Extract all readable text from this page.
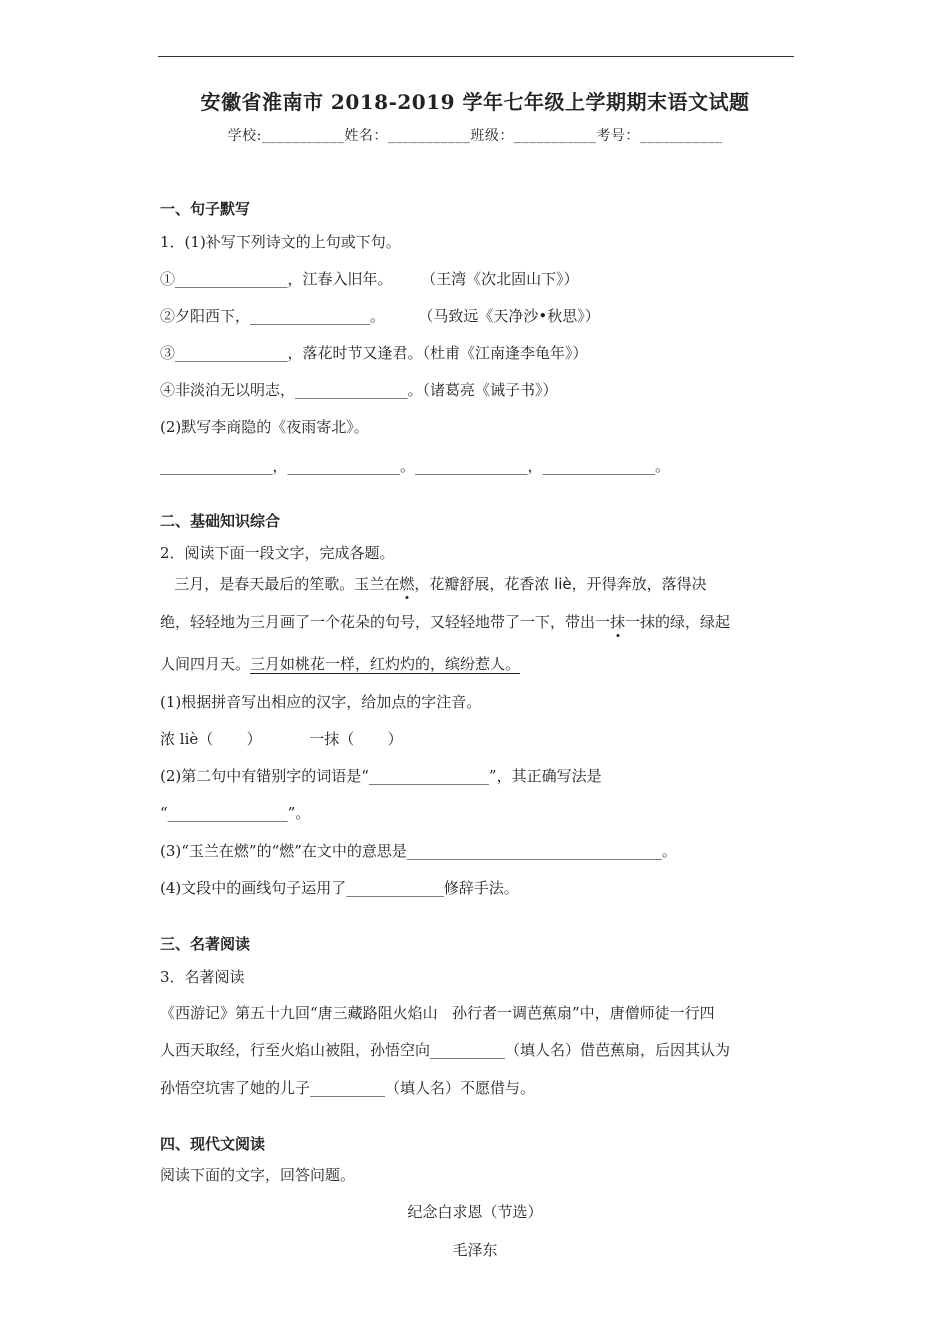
安徽省淮南市 2018-2019 学年七年级上学期期末语文试题
学校:___________姓名：___________班级：___________考号：___________
一、句子默写
1．(1)补写下列诗文的上句或下句。
①_______________，江春入旧年。      （王湾《次北固山下》）
②夕阳西下，________________。       （马致远《天净沙•秋思》）
③_______________，落花时节又逢君。（杜甫《江南逢李龟年》）
④非淡泊无以明志，_______________。（诸葛亮《诫子书》）
(2)默写李商隐的《夜雨寄北》。
_______________，_______________。_______________，_______________。
二、基础知识综合
2．阅读下面一段文字，完成各题。
三月，是春天最后的笙歌。玉兰在燃，花瓣舒展，花香浓 liè，开得奔放，落得决
绝，轻轻地为三月画了一个花朵的句号，又轻轻地带了一下，带出一抹一抹的绿，绿起
人间四月天。三月如桃花一样，红灼灼的，缤纷惹人。
(1)根据拼音写出相应的汉字，给加点的字注音。
浓 liè（       ）          一抹（       ）
(2)第二句中有错别字的词语是“________________”，其正确写法是
“________________”。
(3)“玉兰在燃”的“燃”在文中的意思是__________________________________。
(4)文段中的画线句子运用了_____________修辞手法。
三、名著阅读
3．名著阅读
《西游记》第五十九回“唐三藏路阻火焰山   孙行者一调芭蕉扇”中，唐僧师徒一行四
人西天取经，行至火焰山被阻，孙悟空向__________（填人名）借芭蕉扇，后因其认为
孙悟空坑害了她的儿子__________（填人名）不愿借与。
四、现代文阅读
阅读下面的文字，回答问题。
纪念白求恩（节选）
毛泽东
